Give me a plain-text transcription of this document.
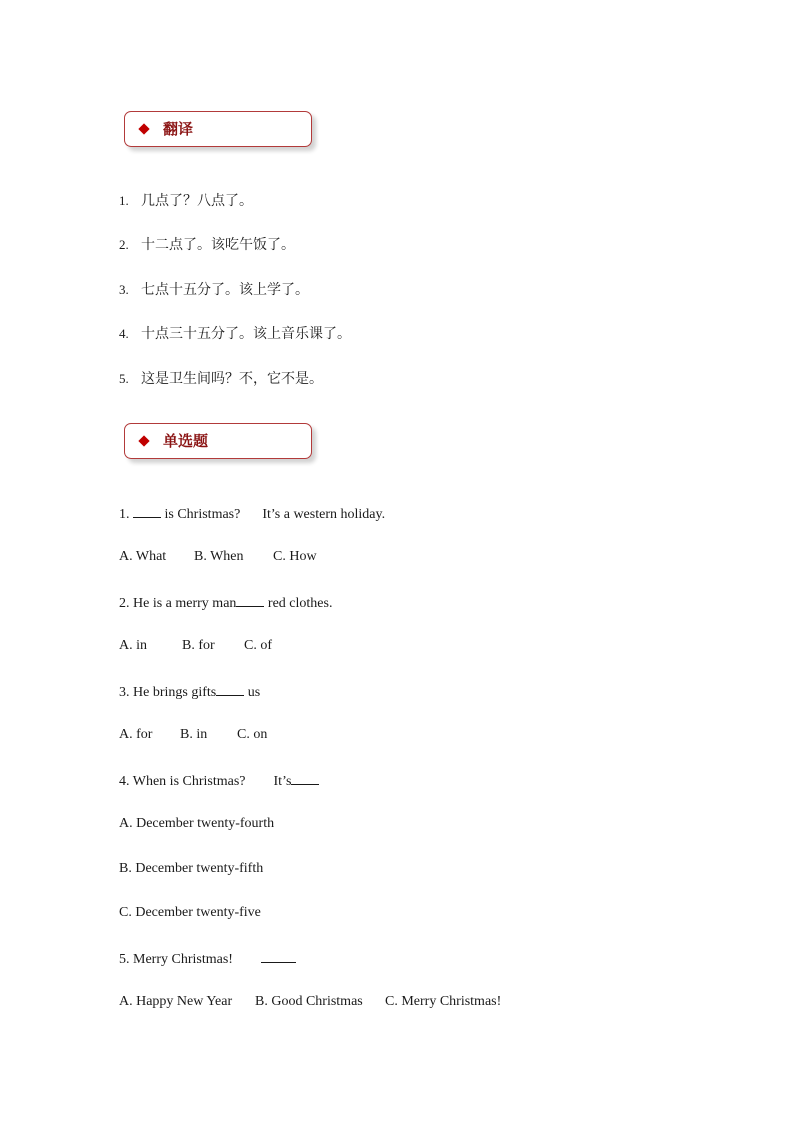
翻译
1. 几点了？八点了。
2. 十二点了。该吃午饭了。
3. 七点十五分了。该上学了。
4. 十点三十五分了。该上音乐课了。
5. 这是卫生间吗？不，它不是。
单选题
1.  is Christmas? It’s a western holiday.
A. What B. When C. How
2. He is a merry man red clothes.
A. in	B. for C. of
3. He brings gifts us
A. for B. in C. on
4. When is Christmas? It’s
A. December twenty-fourth
B. December twenty-fifth
C. December twenty-five
5. Merry Christmas!
A. Happy New Year B. Good Christmas C. Merry Christmas!
